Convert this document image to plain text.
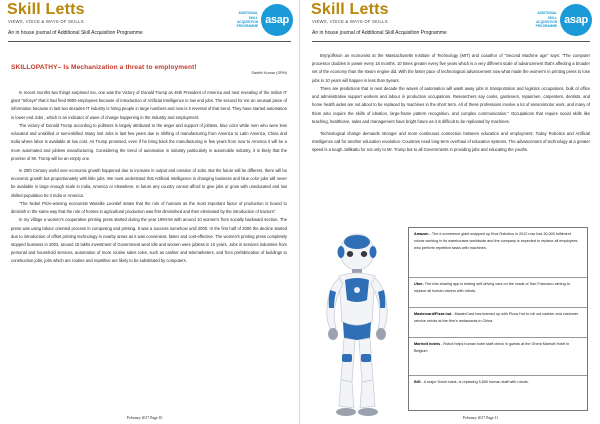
Skill Letts
VIEWS, VOICE & WAYS OF SKILLS
An in house journal of Additional Skill Acquisition Programme
ADDITIONAL
SKILL ACQUISITION
PROGRAMME
asap
SKILLOPATHY– Is Mechanization a threat to employment!
Santhil Kumar (SPM)

In recent months two things surprised me, one was the Victory of Donald Trump as 45th President of America and next revealing of the Indian IT giant "Infosys" that it had fired 9000 employees because of introduction of Artificial Intelligence in low end jobs. The second for me an unusual piece of information because in last two decades IT industry is hiring people in large numbers and now is it reversal of that trend. They have started automation in lower end Jobs , which is an indicator of wave of change happening in the Industry and employment.

The victory of Donald Trump according to pollsters is largely attributed to the anger and support of jobless, blue color white men who were less educated and unskilled or semi-skilled. Many lost Jobs in last few years due to shifting of manufacturing from America to Latin America, China and India where labor is available at low cost. As Trump promised, even if he bring back the manufacturing in few years from now to America it will be a more automated and jobless manufacturing. Considering the trend of automation in industry particularly in automobile industry, it is likely that the promise of Mr. Trump will be an empty one.

In 20th Century world over economic growth happened due to increase in output and creation of Jobs. But the future will be different, there will be economic growth but proportionately with little jobs. We must understand that Artificial Intelligence is changing business and blue color jobs will never be available in large enough scale in India, America or elsewhere. In future any country cannot afford to give jobs or grow with uneducated and low skilled population be it India or America.

"The Nobel Prize-winning economist Wassilie Leontief states that the role of humans as the most important factor of production is bound to diminish in the same way that the role of horses in agricultural production was first diminished and then eliminated by the introduction of tractors".

In my village a women's cooperative printing press started during the year 1993-94 with around 10 women's from socially backward section. The press was using labour oriented process in composing and printing. It was a success somehow until 2000. In the first half of 2000 the decline started due to introduction of offset printing technology in nearby areas as it was convenient, faster and cost-effective. The women's printing press completely stopped business in 2003, around 15 lakhs investment of Government went idle and women were jobless in 10 years. Jobs in services industries from personal and household services, automation of more routine sales roles, such as cashier and telemarketers, and from prefabrication of buildings to construction jobs, jobs which are routine and repetitive are likely to be substituted by computers.

February 2017 Page 10
Skill Letts
VIEWS, VOICE & WAYS OF SKILLS
An in house journal of Additional Skill Acquisition Programme
ADDITIONAL
SKILL ACQUISITION
PROGRAMME
asap

Brynjolfsson an economist at the Massachusetts Institute of Technology (MIT) and coauthor of "Second Machine age" says: "The computer processor doubles in power every 18 months, 10 times greater every five years which is a very different scale of advancement that's affecting a broader set of the economy than the steam engine did. With the faster pace of technological advancement now what made the women's in printing press to lose jobs in 10 years will happen in less than 5years.

There are predictions that in next decade the waves of automation will wash away jobs in transportation and logistics occupations, bulk of office and administrative support workers and labour in production occupations. Researchers say cooks, gardeners, repairmen, carpenters, dentists, and home health aides are not about to be replaced by machines in the short term. All of these professions involve a lot of sensorimotor work, and many of them also require the skills of ideation, large-frame pattern recognition, and complex communication." Occupations that require social skills like teaching, healthcare, sales and management have bright future as it is difficult to be replicated by machines.

Technological change demands stronger and more continuous connection between education and employment. Today Robotics and Artificial Intelligence call for another education revolution. Countries need long-term overhaul of education systems. The advancement of technology at a greater speed is a tough Jallikattu for not only to Mr. Trump but to all Governments in providing jobs and educating the youths.

Amazon - The e-commerce giant snapped up Kiva Robotics in 2012 now has 30,000 fulfilment robots working in its warehouses worldwide and the company is expected to replace all employees who perform repetitive tasks with machines.
Uber- The ride-sharing app is testing self-driving cars on the roads of San Francisco aiming to replace all human drivers with robots.
Mastercard/Pizza hut - MasterCard has teamed up with Pizza Hut to roll out cashier and customer service robots at the firm's restaurants in China.
Marriott hotels - Robot helps human hotel staff check in guests at the Ghent Marriott Hotel in Belgium
ING - A major Dutch bank, is replacing 5,800 human staff with robots.
February 2017 Page 11
